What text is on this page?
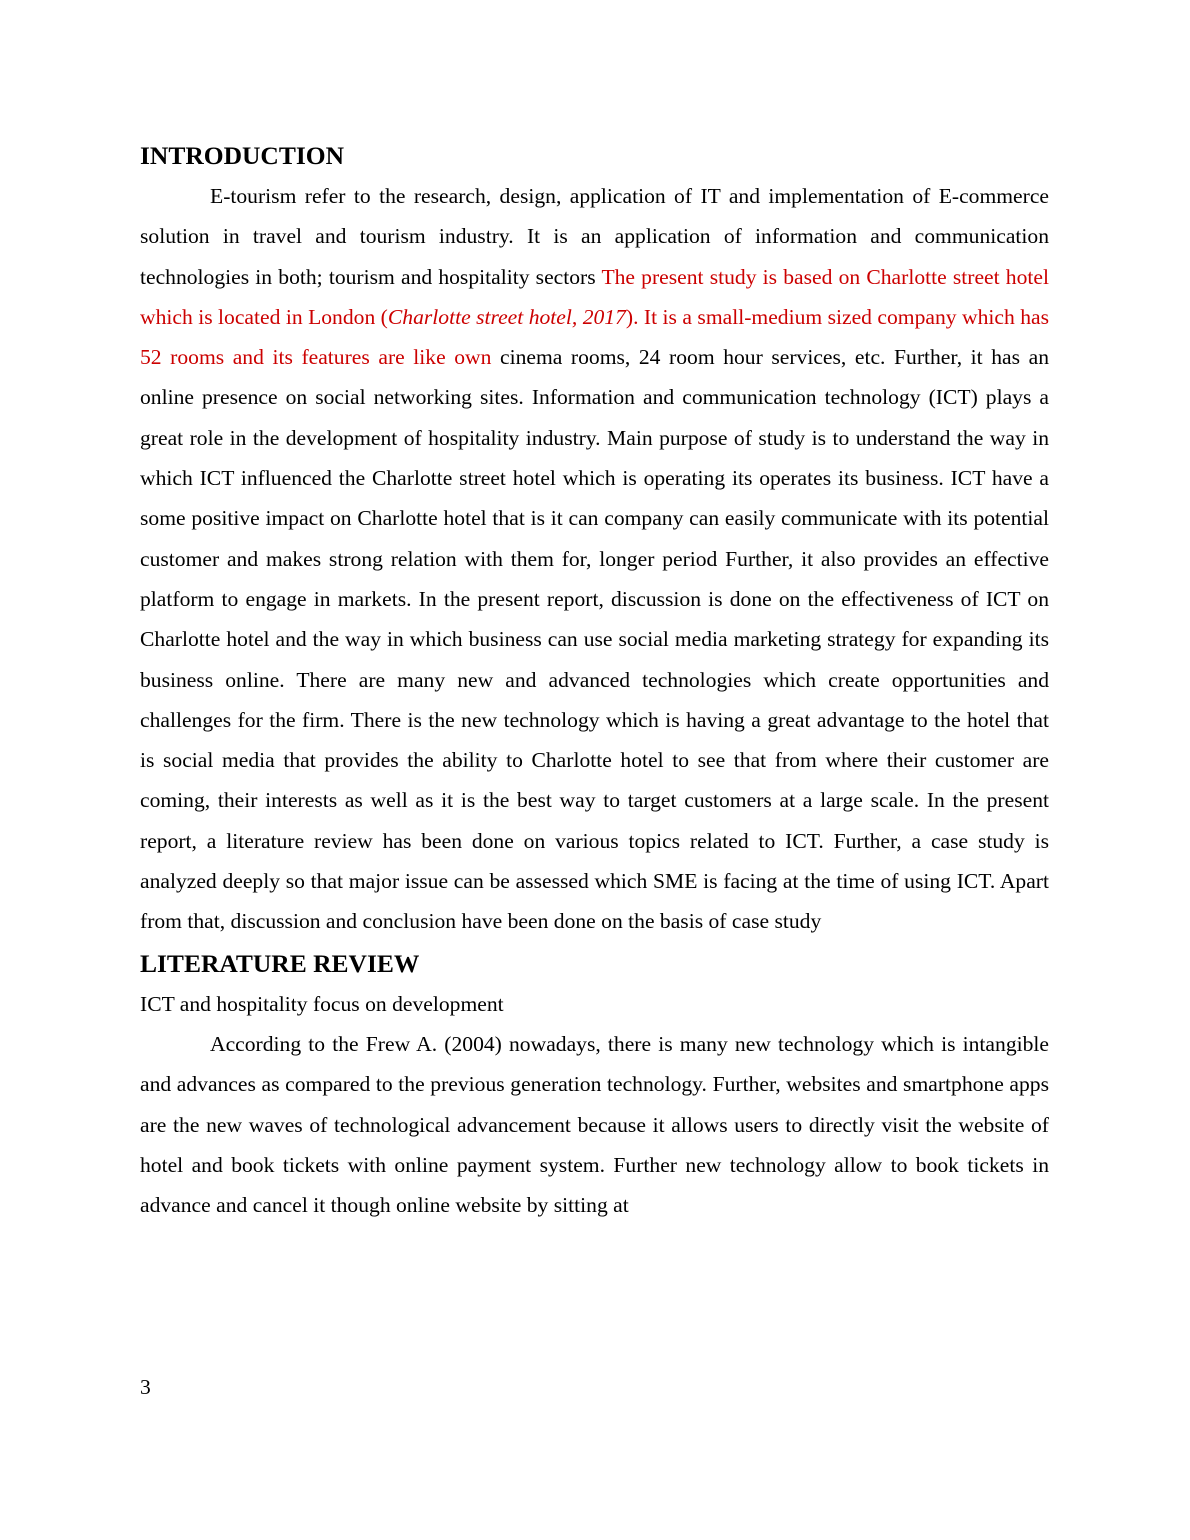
INTRODUCTION

E-tourism refer to the research, design, application of IT and implementation of E-commerce solution in travel and tourism industry. It is an application of information and communication technologies in both; tourism and hospitality sectors The present study is based on Charlotte street hotel which is located in London (Charlotte street hotel, 2017). It is a small-medium sized company which has 52 rooms and its features are like own cinema rooms, 24 room hour services, etc. Further, it has an online presence on social networking sites. Information and communication technology (ICT) plays a great role in the development of hospitality industry. Main purpose of study is to understand the way in which ICT influenced the Charlotte street hotel which is operating its operates its business. ICT have a some positive impact on Charlotte hotel that is it can company can easily communicate with its potential customer and makes strong relation with them for, longer period Further, it also provides an effective platform to engage in markets. In the present report, discussion is done on the effectiveness of ICT on Charlotte hotel and the way in which business can use social media marketing strategy for expanding its business online. There are many new and advanced technologies which create opportunities and challenges for the firm. There is the new technology which is having a great advantage to the hotel that is social media that provides the ability to Charlotte hotel to see that from where their customer are coming, their interests as well as it is the best way to target customers at a large scale. In the present report, a literature review has been done on various topics related to ICT. Further, a case study is analyzed deeply so that major issue can be assessed which SME is facing at the time of using ICT. Apart from that, discussion and conclusion have been done on the basis of case study

LITERATURE REVIEW

ICT and hospitality focus on development

According to the Frew A. (2004) nowadays, there is many new technology which is intangible and advances as compared to the previous generation technology. Further, websites and smartphone apps are the new waves of technological advancement because it allows users to directly visit the website of hotel and book tickets with online payment system. Further new technology allow to book tickets in advance and cancel it though online website by sitting at

3
